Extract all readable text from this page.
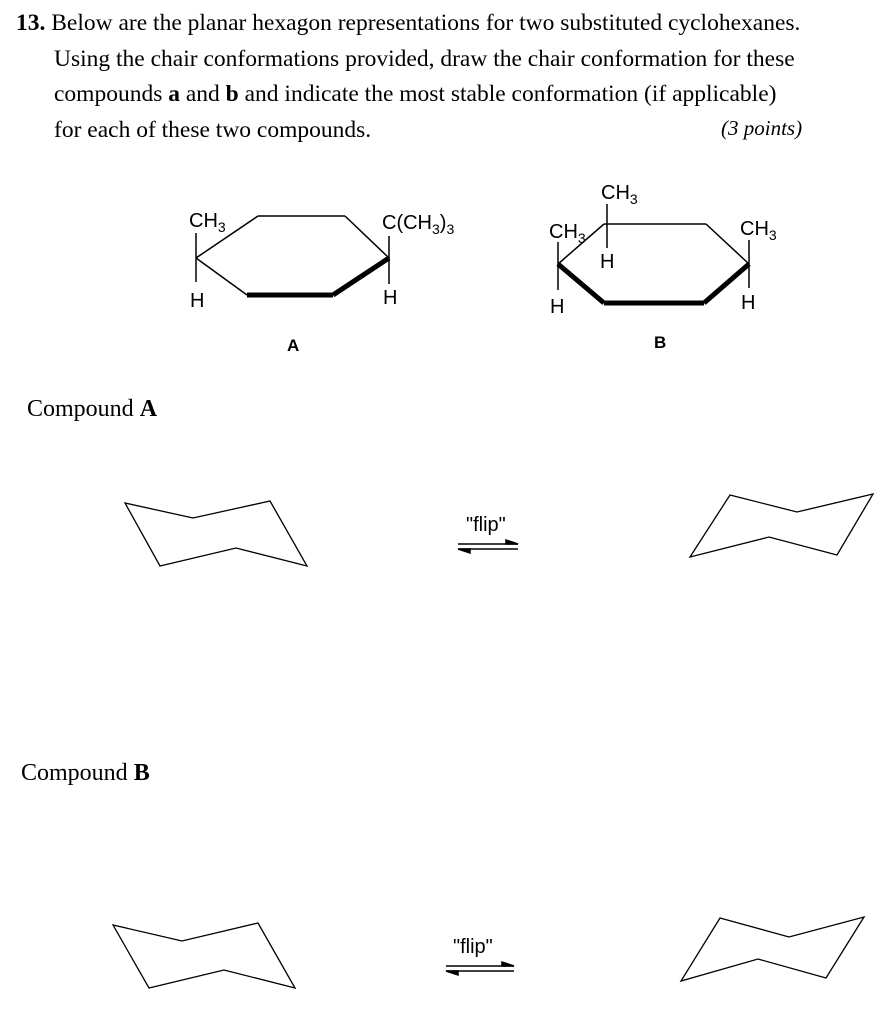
13. Below are the planar hexagon representations for two substituted cyclohexanes.
Using the chair conformations provided, draw the chair conformation for these
compounds a and b and indicate the most stable conformation (if applicable)
for each of these two compounds.	(3 points)
Compound A
Compound B
$CH_3$
H
$C(CH_3)_3$
H
A
$CH_3$
H
$CH_3$
H
$CH_3$
H
B
"flip"
"flip"
